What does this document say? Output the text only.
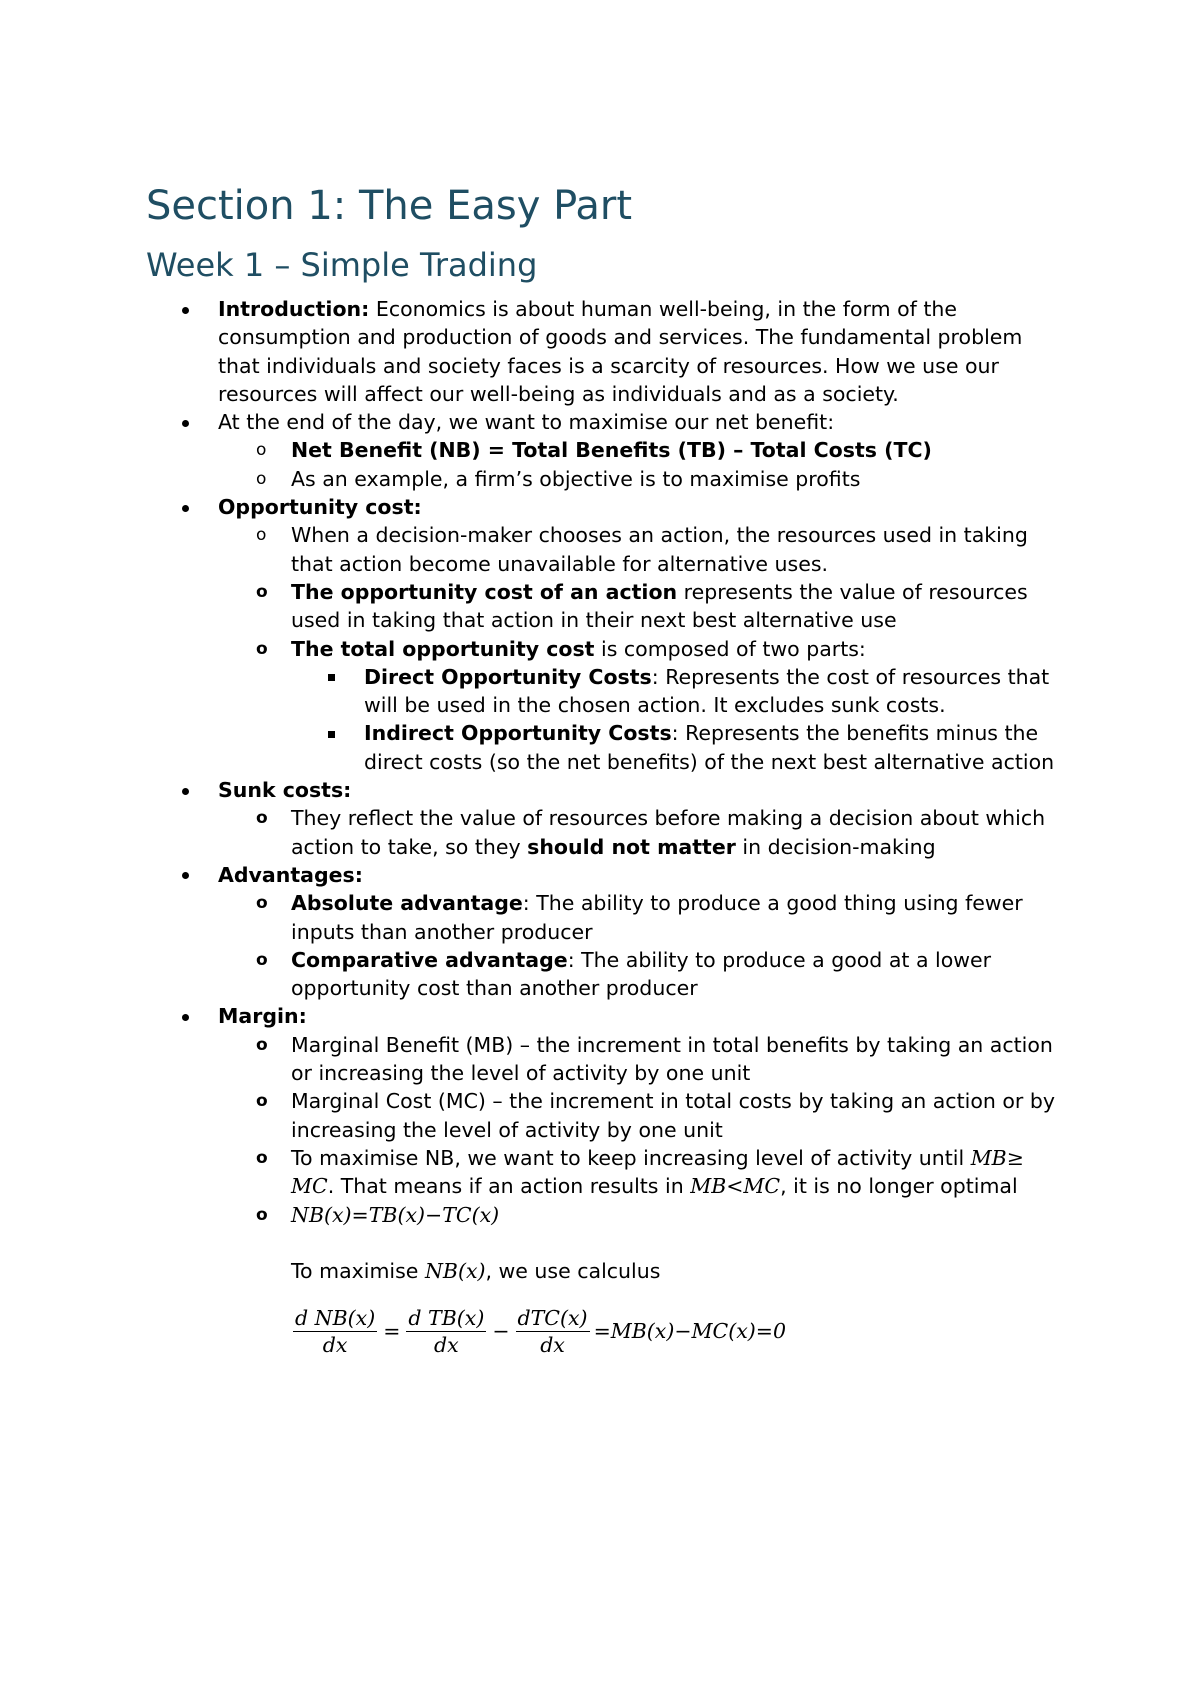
Section 1: The Easy Part
Week 1 – Simple Trading
Introduction: Economics is about human well-being, in the form of the consumption and production of goods and services. The fundamental problem that individuals and society faces is a scarcity of resources. How we use our resources will affect our well-being as individuals and as a society.
At the end of the day, we want to maximise our net benefit:
o Net Benefit (NB) = Total Benefits (TB) – Total Costs (TC)
o As an example, a firm’s objective is to maximise profits
Opportunity cost:
o When a decision-maker chooses an action, the resources used in taking that action become unavailable for alternative uses.
o The opportunity cost of an action represents the value of resources used in taking that action in their next best alternative use
o The total opportunity cost is composed of two parts:
Direct Opportunity Costs: Represents the cost of resources that will be used in the chosen action. It excludes sunk costs.
Indirect Opportunity Costs: Represents the benefits minus the direct costs (so the net benefits) of the next best alternative action
Sunk costs:
o They reflect the value of resources before making a decision about which action to take, so they should not matter in decision-making
Advantages:
o Absolute advantage: The ability to produce a good thing using fewer inputs than another producer
o Comparative advantage: The ability to produce a good at a lower opportunity cost than another producer
Margin:
o Marginal Benefit (MB) – the increment in total benefits by taking an action or increasing the level of activity by one unit
o Marginal Cost (MC) – the increment in total costs by taking an action or by increasing the level of activity by one unit
o To maximise NB, we want to keep increasing level of activity until MB≥ MC. That means if an action results in MB<MC, it is no longer optimal
o NB(x)=TB(x)−TC(x)
To maximise NB(x), we use calculus
$\frac{\text{d NB(x)}}{dx} = \frac{\text{d TB(x)}}{dx} - \frac{\text{dTC(x)}}{dx} =MB(x)-MC(x)=0$
